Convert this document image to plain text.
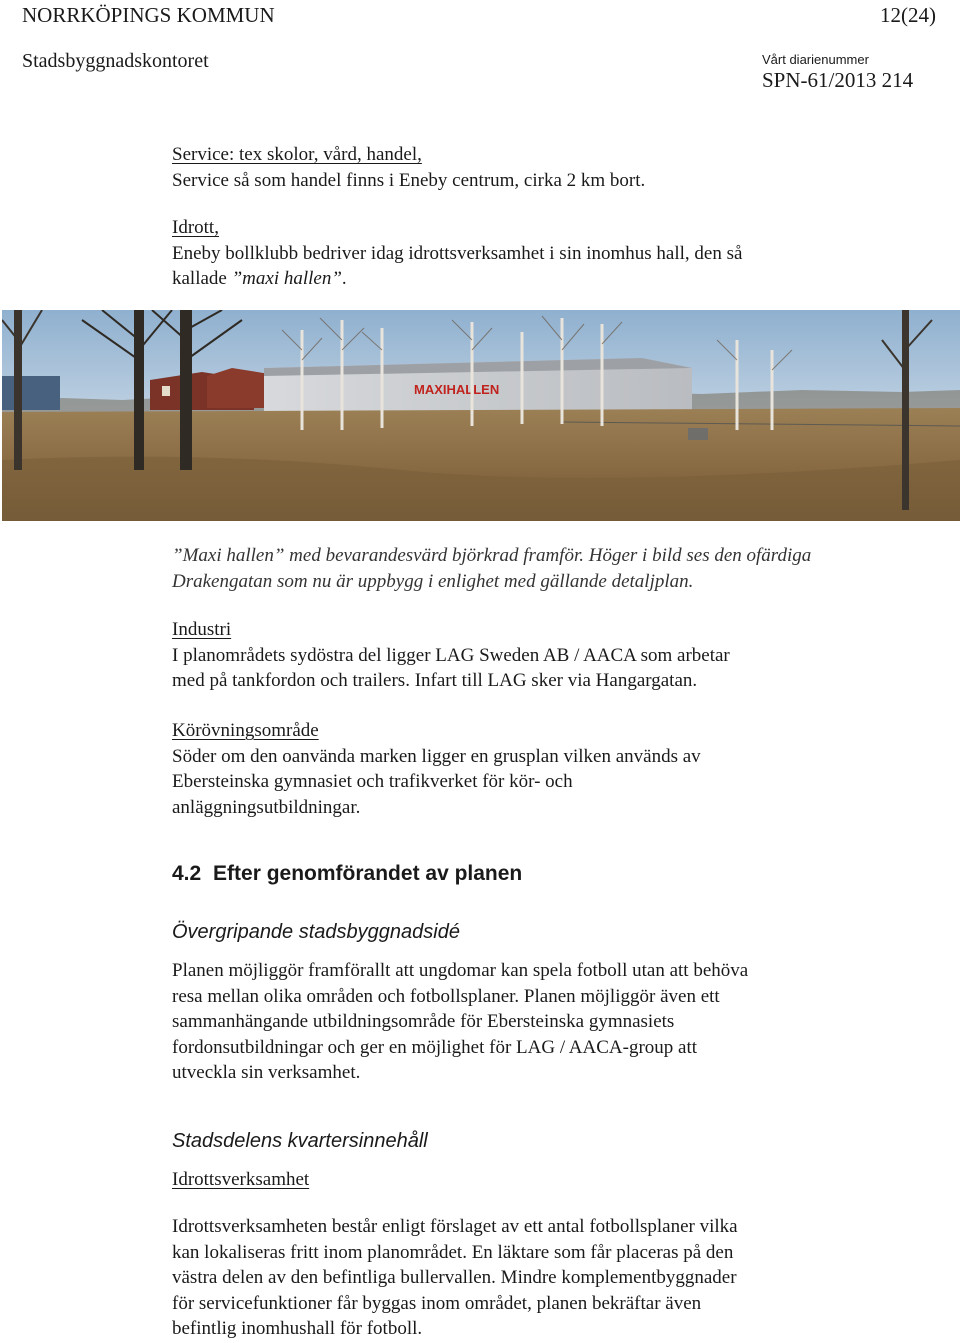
NORRKÖPINGS KOMMUN	12(24)
Stadsbyggnadskontoret	Vårt diarienummer
SPN-61/2013 214

Service: tex skolor, vård, handel,

Service så som handel finns i Eneby centrum, cirka 2 km bort.

Idrott,

Eneby bollklubb bedriver idag idrottsverksamhet i sin inomhus hall, den så

kallade ”maxi hallen”.

MAXIHALLEN
”Maxi hallen” med bevarandesvärd björkrad framför. Höger i bild ses den ofärdiga
Drakengatan som nu är uppbygg i enlighet med gällande detaljplan.

Industri

I planområdets sydöstra del ligger LAG Sweden AB / AACA som arbetar

med på tankfordon och trailers. Infart till LAG sker via Hangargatan.

Körövningsområde

Söder om den oanvända marken ligger en grusplan vilken används av

Ebersteinska gymnasiet och trafikverket för kör- och

anläggningsutbildningar.

4.2 Efter genomförandet av planen
Övergripande stadsbyggnadsidé

Planen möjliggör framförallt att ungdomar kan spela fotboll utan att behöva

resa mellan olika områden och fotbollsplaner. Planen möjliggör även ett

sammanhängande utbildningsområde för Ebersteinska gymnasiets

fordonsutbildningar och ger en möjlighet för LAG / AACA-group att

utveckla sin verksamhet.

Stadsdelens kvartersinnehåll
Idrottsverksamhet

Idrottsverksamheten består enligt förslaget av ett antal fotbollsplaner vilka

kan lokaliseras fritt inom planområdet. En läktare som får placeras på den

västra delen av den befintliga bullervallen. Mindre komplementbyggnader

för servicefunktioner får byggas inom området, planen bekräftar även

befintlig inomhushall för fotboll.
